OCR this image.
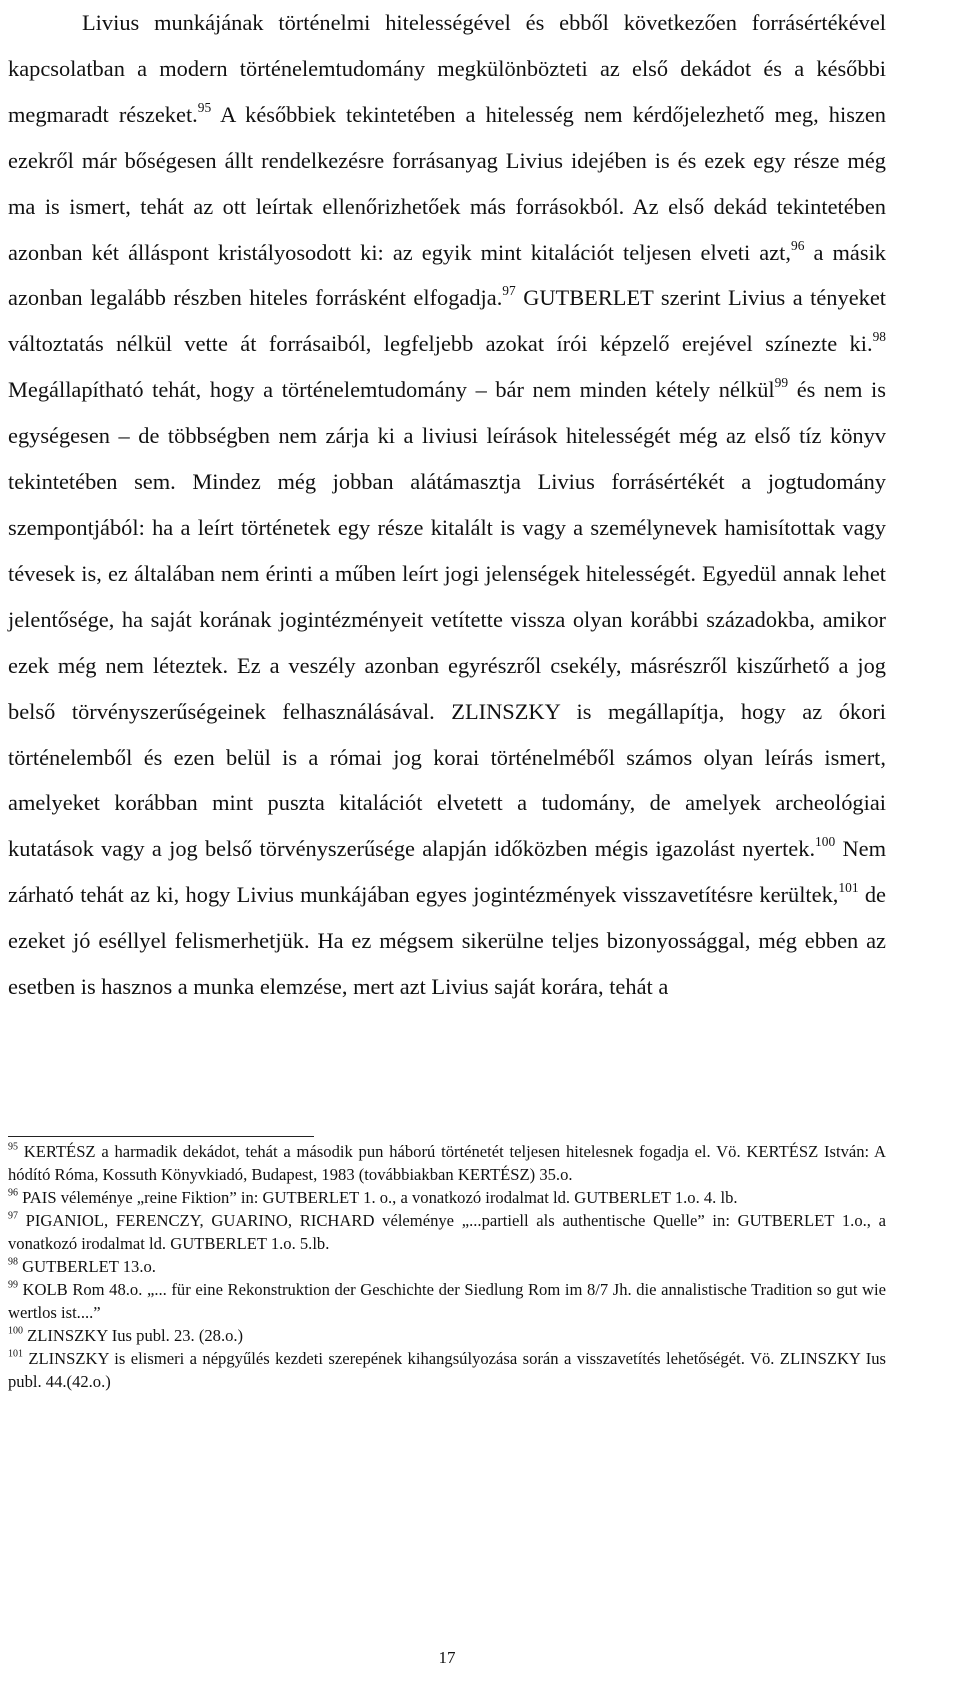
Livius munkájának történelmi hitelességével és ebből következően forrásértékével kapcsolatban a modern történelemtudomány megkülönbözteti az első dekádot és a későbbi megmaradt részeket.$^{95}$ A későbbiek tekintetében a hitelesség nem kérdőjelezhető meg, hiszen ezekről már bőségesen állt rendelkezésre forrásanyag Livius idejében is és ezek egy része még ma is ismert, tehát az ott leírtak ellenőrizhetőek más forrásokból. Az első dekád tekintetében azonban két álláspont kristályosodott ki: az egyik mint kitalációt teljesen elveti azt,$^{96}$ a másik azonban legalább részben hiteles forrásként elfogadja.$^{97}$ GUTBERLET szerint Livius a tényeket változtatás nélkül vette át forrásaiból, legfeljebb azokat írói képzelő erejével színezte ki.$^{98}$ Megállapítható tehát, hogy a történelemtudomány – bár nem minden kétely nélkül$^{99}$ és nem is egységesen – de többségben nem zárja ki a liviusi leírások hitelességét még az első tíz könyv tekintetében sem. Mindez még jobban alátámasztja Livius forrásértékét a jogtudomány szempontjából: ha a leírt történetek egy része kitalált is vagy a személynevek hamisítottak vagy tévesek is, ez általában nem érinti a műben leírt jogi jelenségek hitelességét. Egyedül annak lehet jelentősége, ha saját korának jogintézményeit vetítette vissza olyan korábbi századokba, amikor ezek még nem léteztek. Ez a veszély azonban egyrészről csekély, másrészről kiszűrhető a jog belső törvényszerűségeinek felhasználásával. ZLINSZKY is megállapítja, hogy az ókori történelemből és ezen belül is a római jog korai történelméből számos olyan leírás ismert, amelyeket korábban mint puszta kitalációt elvetett a tudomány, de amelyek archeológiai kutatások vagy a jog belső törvényszerűsége alapján időközben mégis igazolást nyertek.$^{100}$ Nem zárható tehát az ki, hogy Livius munkájában egyes jogintézmények visszavetítésre kerültek,$^{101}$ de ezeket jó eséllyel felismerhetjük. Ha ez mégsem sikerülne teljes bizonyossággal, még ebben az esetben is hasznos a munka elemzése, mert azt Livius saját korára, tehát a

$^{95}$ KERTÉSZ a harmadik dekádot, tehát a második pun háború történetét teljesen hitelesnek fogadja el. Vö. KERTÉSZ István: A hódító Róma, Kossuth Könyvkiadó, Budapest, 1983 (továbbiakban KERTÉSZ) 35.o.

$^{96}$ PAIS véleménye „reine Fiktion” in: GUTBERLET 1. o., a vonatkozó irodalmat ld. GUTBERLET 1.o. 4. lb.

$^{97}$ PIGANIOL, FERENCZY, GUARINO, RICHARD véleménye „...partiell als authentische Quelle” in: GUTBERLET 1.o., a vonatkozó irodalmat ld. GUTBERLET 1.o. 5.lb.

$^{98}$ GUTBERLET 13.o.

$^{99}$ KOLB Rom 48.o. „... für eine Rekonstruktion der Geschichte der Siedlung Rom im 8/7 Jh. die annalistische Tradition so gut wie wertlos ist....”

$^{100}$ ZLINSZKY Ius publ. 23. (28.o.)

$^{101}$ ZLINSZKY is elismeri a népgyűlés kezdeti szerepének kihangsúlyozása során a visszavetítés lehetőségét. Vö. ZLINSZKY Ius publ. 44.(42.o.)

17
